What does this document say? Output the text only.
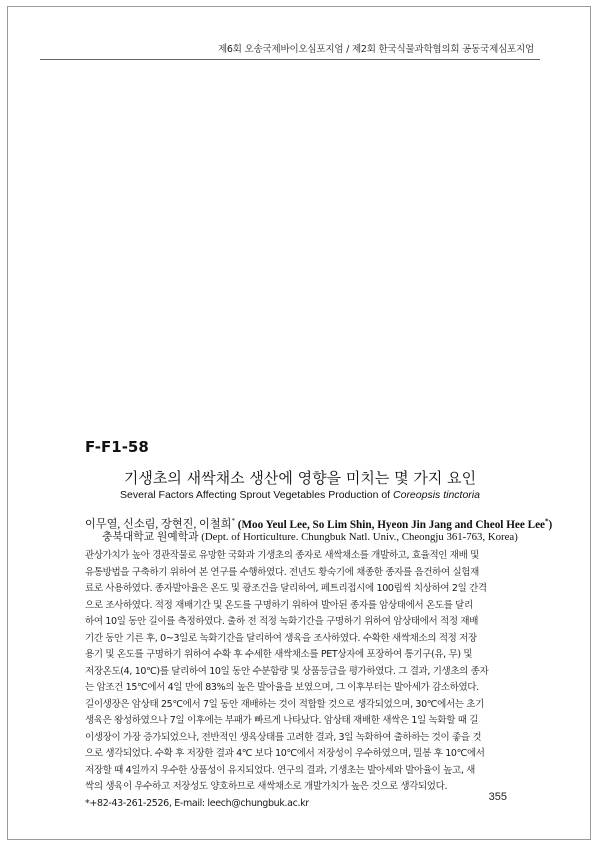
제6회 오송국제바이오심포지엄 / 제2회 한국식물과학협의회 공동국제심포지엄
F-F1-58
기생초의 새싹채소 생산에 영향을 미치는 몇 가지 요인
Several Factors Affecting Sprout Vegetables Production of Coreopsis tinctoria
이무열, 신소림, 장현진, 이철희* (Moo Yeul Lee, So Lim Shin, Hyeon Jin Jang and Cheol Hee Lee*)
충북대학교 원예학과 (Dept. of Horticulture. Chungbuk Natl. Univ., Cheongju 361-763, Korea)
관상가치가 높아 경관작물로 유망한 국화과 기생초의 종자로 새싹채소를 개발하고, 효율적인 재배 및
유통방법을 구축하기 위하여 본 연구를 수행하였다. 전년도 황숙기에 채종한 종자를 음건하여 실험재
료로 사용하였다. 종자발아율은 온도 및 광조건을 달리하여, 페트리접시에 100립씩 치상하여 2일 간격
으로 조사하였다. 적정 재배기간 및 온도를 구명하기 위하여 발아된 종자를 암상태에서 온도를 달리
하여 10일 동안 길이를 측정하였다. 출하 전 적정 녹화기간을 구명하기 위하여 암상태에서 적정 재배
기간 동안 기른 후, 0~3일로 녹화기간을 달리하여 생육을 조사하였다. 수확한 새싹채소의 적정 저장
용기 및 온도를 구명하기 위하여 수확 후 수세한 새싹채소를 PET상자에 포장하여 통기구(유, 무) 및
저장온도(4, 10℃)를 달리하여 10일 동안 수분함량 및 상품등급을 평가하였다. 그 결과, 기생초의 종자
는 암조건 15℃에서 4일 만에 83%의 높은 발아율을 보였으며, 그 이후부터는 발아세가 감소하였다.
길이생장은 암상태 25℃에서 7일 동안 재배하는 것이 적합할 것으로 생각되었으며, 30℃에서는 초기
생육은 왕성하였으나 7일 이후에는 부패가 빠르게 나타났다. 암상태 재배한 새싹은 1일 녹화할 때 길
이생장이 가장 증가되었으나, 전반적인 생육상태를 고려한 결과, 3일 녹화하여 출하하는 것이 좋을 것
으로 생각되었다. 수확 후 저장한 결과 4℃ 보다 10℃에서 저장성이 우수하였으며, 밀봉 후 10℃에서
저장할 때 4일까지 우수한 상품성이 유지되었다. 연구의 결과, 기생초는 발아세와 발아율이 높고, 새
싹의 생육이 우수하고 저장성도 양호하므로 새싹채소로 개발가치가 높은 것으로 생각되었다.
*+82-43-261-2526, E-mail: leech@chungbuk.ac.kr	355
